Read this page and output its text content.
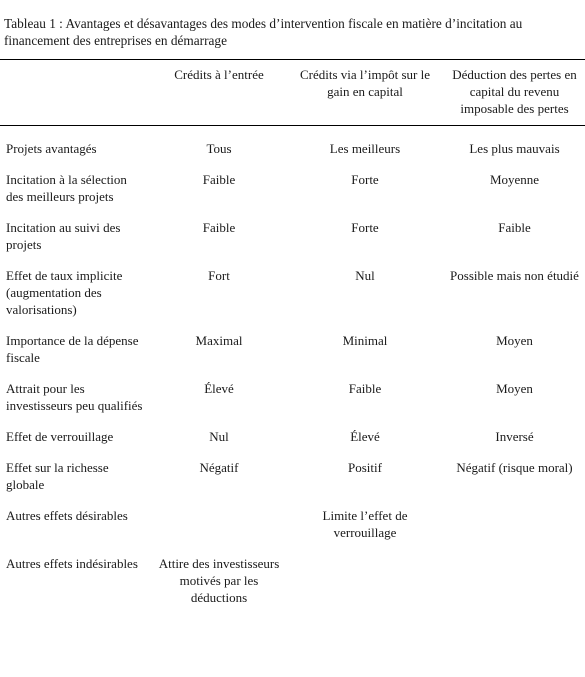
Tableau 1 : Avantages et désavantages des modes d’intervention fiscale en matière d’incitation au financement des entreprises en démarrage

	Crédits à l’entrée	Crédits via l’impôt sur le gain en capital	Déduction des pertes en capital du revenu imposable des pertes
Projets avantagés	Tous	Les meilleurs	Les plus mauvais
Incitation à la sélection des meilleurs projets	Faible	Forte	Moyenne
Incitation au suivi des projets	Faible	Forte	Faible
Effet de taux implicite (augmentation des valorisations)	Fort	Nul	Possible mais non étudié
Importance de la dépense fiscale	Maximal	Minimal	Moyen
Attrait pour les investisseurs peu qualifiés	Élevé	Faible	Moyen
Effet de verrouillage	Nul	Élevé	Inversé
Effet sur la richesse globale	Négatif	Positif	Négatif (risque moral)
Autres effets désirables		Limite l’effet de verrouillage	
Autres effets indésirables	Attire des investisseurs motivés par les déductions		
